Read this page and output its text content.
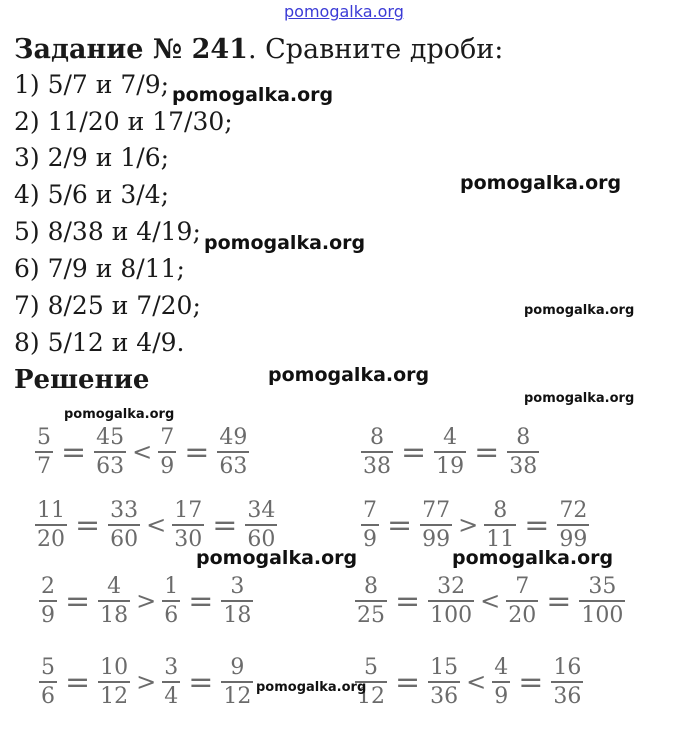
pomogalka.org
Задание № 241. Сравните дроби:
1) 5/7 и 7/9;
2) 11/20 и 17/30;
3) 2/9 и 1/6;
4) 5/6 и 3/4;
5) 8/38 и 4/19;
6) 7/9 и 8/11;
7) 8/25 и 7/20;
8) 5/12 и 4/9.
Решение
pomogalka.org
pomogalka.org
pomogalka.org
pomogalka.org
pomogalka.org
pomogalka.org
pomogalka.org
pomogalka.org	pomogalka.org
$\frac{5}{7} = \frac{45}{63} < \frac{7}{9} = \frac{49}{63}$	$\frac{8}{38} = \frac{4}{19} = \frac{8}{38}$
$\frac{11}{20} = \frac{33}{60} < \frac{17}{30} = \frac{34}{60}$	$\frac{7}{9} = \frac{77}{99} > \frac{8}{11} = \frac{72}{99}$
$\frac{2}{9} = \frac{4}{18} > \frac{1}{6} = \frac{3}{18}$	$\frac{8}{25} = \frac{32}{100} < \frac{7}{20} = \frac{35}{100}$
$\frac{5}{6} = \frac{10}{12} > \frac{3}{4} = \frac{9}{12}$	$\frac{5}{12} = \frac{15}{36} < \frac{4}{9} = \frac{16}{36}$
pomogalka.org
